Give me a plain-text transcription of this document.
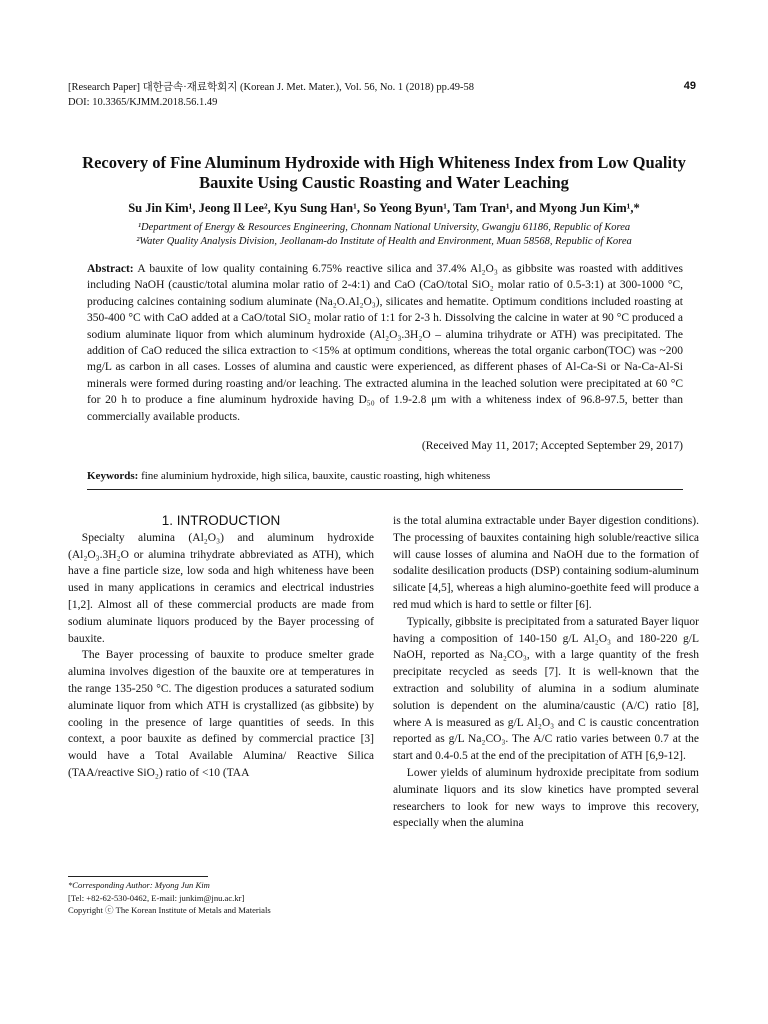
[Research Paper] 대한금속·재료학회지 (Korean J. Met. Mater.), Vol. 56, No. 1 (2018) pp.49-58
DOI: 10.3365/KJMM.2018.56.1.49
49
Recovery of Fine Aluminum Hydroxide with High Whiteness Index from Low Quality
Bauxite Using Caustic Roasting and Water Leaching
Su Jin Kim¹, Jeong Il Lee², Kyu Sung Han¹, So Yeong Byun¹, Tam Tran¹, and Myong Jun Kim¹,*
¹Department of Energy & Resources Engineering, Chonnam National University, Gwangju 61186, Republic of Korea
²Water Quality Analysis Division, Jeollanam-do Institute of Health and Environment, Muan 58568, Republic of Korea
Abstract: A bauxite of low quality containing 6.75% reactive silica and 37.4% Al₂O₃ as gibbsite was roasted with additives including NaOH (caustic/total alumina molar ratio of 2-4:1) and CaO (CaO/total SiO₂ molar ratio of 0.5-3:1) at 300-1000 °C, producing calcines containing sodium aluminate (Na₂O.Al₂O₃), silicates and hematite. Optimum conditions included roasting at 350-400 °C with CaO added at a CaO/total SiO₂ molar ratio of 1:1 for 2-3 h. Dissolving the calcine in water at 90 °C produced a sodium aluminate liquor from which aluminum hydroxide (Al₂O₃.3H₂O – alumina trihydrate or ATH) was precipitated. The addition of CaO reduced the silica extraction to <15% at optimum conditions, whereas the total organic carbon(TOC) was ~200 mg/L as carbon in all cases. Losses of alumina and caustic were experienced, as different phases of Al-Ca-Si or Na-Ca-Al-Si minerals were formed during roasting and/or leaching. The extracted alumina in the leached solution were precipitated at 60 °C for 20 h to produce a fine aluminum hydroxide having D₅₀ of 1.9-2.8 μm with a whiteness index of 96.8-97.5, better than commercially available products.
(Received May 11, 2017; Accepted September 29, 2017)
Keywords: fine aluminium hydroxide, high silica, bauxite, caustic roasting, high whiteness

1. INTRODUCTION

Specialty alumina (Al₂O₃) and aluminum hydroxide (Al₂O₃.3H₂O or alumina trihydrate abbreviated as ATH), which have a fine particle size, low soda and high whiteness have been used in many applications in ceramics and electrical industries [1,2]. Almost all of these commercial products are made from sodium aluminate liquors produced by the Bayer processing of bauxite.

The Bayer processing of bauxite to produce smelter grade alumina involves digestion of the bauxite ore at temperatures in the range 135-250 °C. The digestion produces a saturated sodium aluminate liquor from which ATH is crystallized (as gibbsite) by cooling in the presence of large quantities of seeds. In this context, a poor bauxite as defined by commercial practice [3] would have a Total Available Alumina/ Reactive Silica (TAA/reactive SiO₂) ratio of <10 (TAA

is the total alumina extractable under Bayer digestion conditions). The processing of bauxites containing high soluble/reactive silica will cause losses of alumina and NaOH due to the formation of sodalite desilication products (DSP) containing sodium-aluminum silicate [4,5], whereas a high alumino-goethite feed will produce a red mud which is hard to settle or filter [6].

Typically, gibbsite is precipitated from a saturated Bayer liquor having a composition of 140-150 g/L Al₂O₃ and 180-220 g/L NaOH, reported as Na₂CO₃, with a large quantity of the fresh precipitate recycled as seeds [7]. It is well-known that the extraction and solubility of alumina in a sodium aluminate solution is dependent on the alumina/caustic (A/C) ratio [8], where A is measured as g/L Al₂O₃ and C is caustic concentration reported as g/L Na₂CO₃. The A/C ratio varies between 0.7 at the start and 0.4-0.5 at the end of the precipitation of ATH [6,9-12].

Lower yields of aluminum hydroxide precipitate from sodium aluminate liquors and its slow kinetics have prompted several researchers to look for new ways to improve this recovery, especially when the alumina

*Corresponding Author: Myong Jun Kim
[Tel: +82-62-530-0462, E-mail: junkim@jnu.ac.kr]
Copyright ⓒ The Korean Institute of Metals and Materials
